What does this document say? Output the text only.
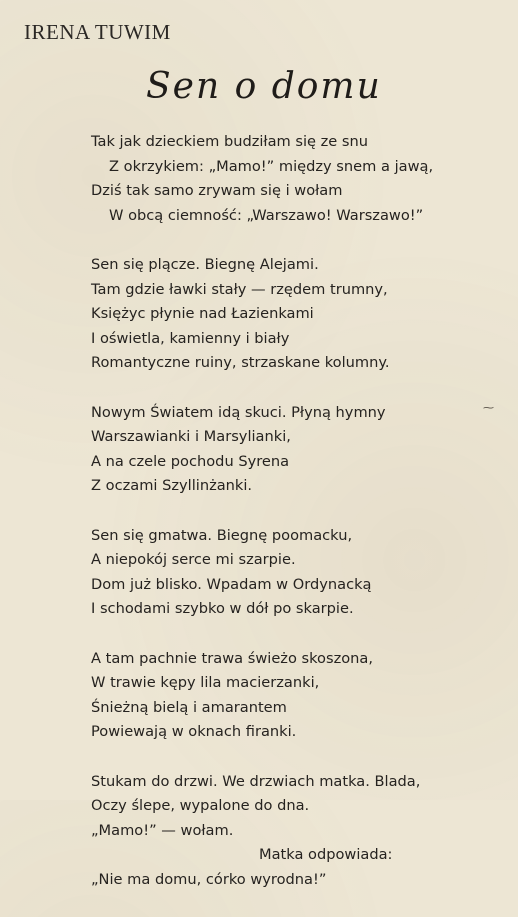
IRENA TUWIM
Sen o domu
Tak jak dzieckiem budziłam się ze snu
Z okrzykiem: „Mamo!” między snem a jawą,
Dziś tak samo zrywam się i wołam
W obcą ciemność: „Warszawo! Warszawo!”
Sen się plącze. Biegnę Alejami.
Tam gdzie ławki stały — rzędem trumny,
Księżyc płynie nad Łazienkami
I oświetla, kamienny i biały
Romantyczne ruiny, strzaskane kolumny.
Nowym Światem idą skuci. Płyną hymny
Warszawianki i Marsylianki,
A na czele pochodu Syrena
Z oczami Szyllinżanki.
Sen się gmatwa. Biegnę poomacku,
A niepokój serce mi szarpie.
Dom już blisko. Wpadam w Ordynacką
I schodami szybko w dół po skarpie.
A tam pachnie trawa świeżo skoszona,
W trawie kępy lila macierzanki,
Śnieżną bielą i amarantem
Powiewają w oknach firanki.
Stukam do drzwi. We drzwiach matka. Blada,
Oczy ślepe, wypalone do dna.
„Mamo!” — wołam.
Matka odpowiada:
„Nie ma domu, córko wyrodna!”
⁓
